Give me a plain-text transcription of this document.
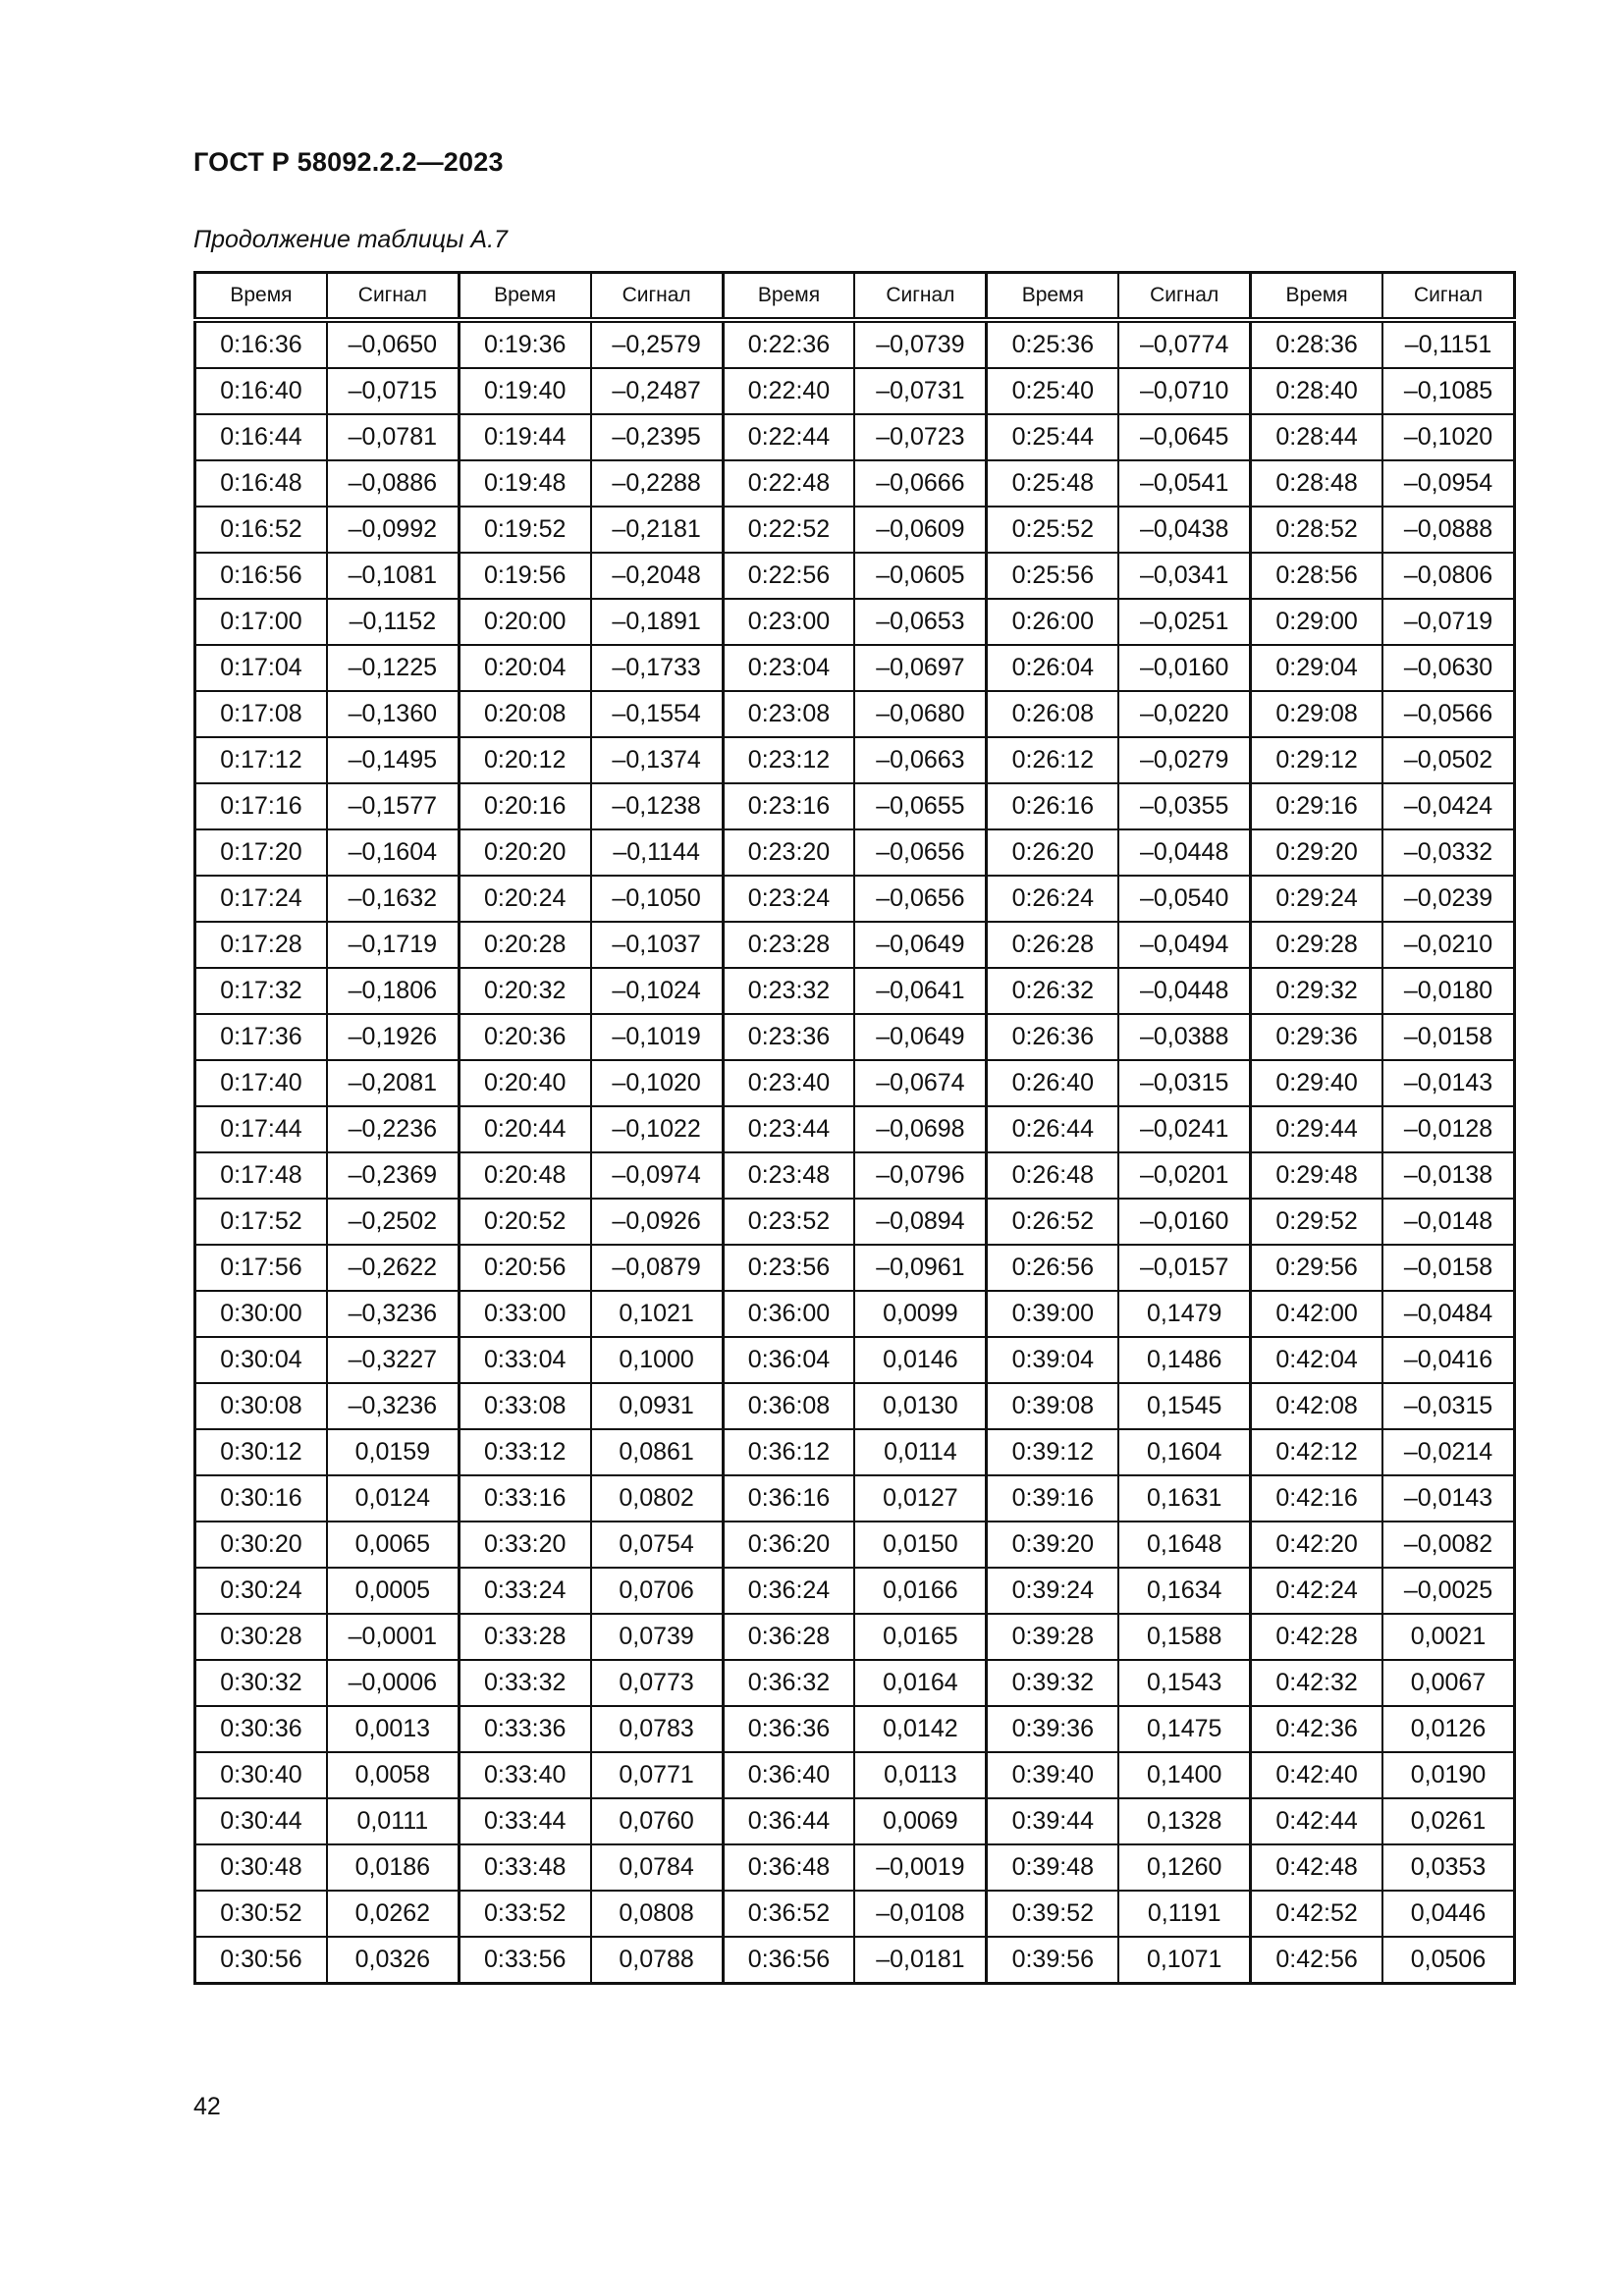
ГОСТ Р 58092.2.2—2023
Продолжение таблицы А.7
Время	Сигнал	Время	Сигнал	Время	Сигнал	Время	Сигнал	Время	Сигнал
0:16:36	–0,0650	0:19:36	–0,2579	0:22:36	–0,0739	0:25:36	–0,0774	0:28:36	–0,1151
0:16:40	–0,0715	0:19:40	–0,2487	0:22:40	–0,0731	0:25:40	–0,0710	0:28:40	–0,1085
0:16:44	–0,0781	0:19:44	–0,2395	0:22:44	–0,0723	0:25:44	–0,0645	0:28:44	–0,1020
0:16:48	–0,0886	0:19:48	–0,2288	0:22:48	–0,0666	0:25:48	–0,0541	0:28:48	–0,0954
0:16:52	–0,0992	0:19:52	–0,2181	0:22:52	–0,0609	0:25:52	–0,0438	0:28:52	–0,0888
0:16:56	–0,1081	0:19:56	–0,2048	0:22:56	–0,0605	0:25:56	–0,0341	0:28:56	–0,0806
0:17:00	–0,1152	0:20:00	–0,1891	0:23:00	–0,0653	0:26:00	–0,0251	0:29:00	–0,0719
0:17:04	–0,1225	0:20:04	–0,1733	0:23:04	–0,0697	0:26:04	–0,0160	0:29:04	–0,0630
0:17:08	–0,1360	0:20:08	–0,1554	0:23:08	–0,0680	0:26:08	–0,0220	0:29:08	–0,0566
0:17:12	–0,1495	0:20:12	–0,1374	0:23:12	–0,0663	0:26:12	–0,0279	0:29:12	–0,0502
0:17:16	–0,1577	0:20:16	–0,1238	0:23:16	–0,0655	0:26:16	–0,0355	0:29:16	–0,0424
0:17:20	–0,1604	0:20:20	–0,1144	0:23:20	–0,0656	0:26:20	–0,0448	0:29:20	–0,0332
0:17:24	–0,1632	0:20:24	–0,1050	0:23:24	–0,0656	0:26:24	–0,0540	0:29:24	–0,0239
0:17:28	–0,1719	0:20:28	–0,1037	0:23:28	–0,0649	0:26:28	–0,0494	0:29:28	–0,0210
0:17:32	–0,1806	0:20:32	–0,1024	0:23:32	–0,0641	0:26:32	–0,0448	0:29:32	–0,0180
0:17:36	–0,1926	0:20:36	–0,1019	0:23:36	–0,0649	0:26:36	–0,0388	0:29:36	–0,0158
0:17:40	–0,2081	0:20:40	–0,1020	0:23:40	–0,0674	0:26:40	–0,0315	0:29:40	–0,0143
0:17:44	–0,2236	0:20:44	–0,1022	0:23:44	–0,0698	0:26:44	–0,0241	0:29:44	–0,0128
0:17:48	–0,2369	0:20:48	–0,0974	0:23:48	–0,0796	0:26:48	–0,0201	0:29:48	–0,0138
0:17:52	–0,2502	0:20:52	–0,0926	0:23:52	–0,0894	0:26:52	–0,0160	0:29:52	–0,0148
0:17:56	–0,2622	0:20:56	–0,0879	0:23:56	–0,0961	0:26:56	–0,0157	0:29:56	–0,0158
0:30:00	–0,3236	0:33:00	0,1021	0:36:00	0,0099	0:39:00	0,1479	0:42:00	–0,0484
0:30:04	–0,3227	0:33:04	0,1000	0:36:04	0,0146	0:39:04	0,1486	0:42:04	–0,0416
0:30:08	–0,3236	0:33:08	0,0931	0:36:08	0,0130	0:39:08	0,1545	0:42:08	–0,0315
0:30:12	0,0159	0:33:12	0,0861	0:36:12	0,0114	0:39:12	0,1604	0:42:12	–0,0214
0:30:16	0,0124	0:33:16	0,0802	0:36:16	0,0127	0:39:16	0,1631	0:42:16	–0,0143
0:30:20	0,0065	0:33:20	0,0754	0:36:20	0,0150	0:39:20	0,1648	0:42:20	–0,0082
0:30:24	0,0005	0:33:24	0,0706	0:36:24	0,0166	0:39:24	0,1634	0:42:24	–0,0025
0:30:28	–0,0001	0:33:28	0,0739	0:36:28	0,0165	0:39:28	0,1588	0:42:28	0,0021
0:30:32	–0,0006	0:33:32	0,0773	0:36:32	0,0164	0:39:32	0,1543	0:42:32	0,0067
0:30:36	0,0013	0:33:36	0,0783	0:36:36	0,0142	0:39:36	0,1475	0:42:36	0,0126
0:30:40	0,0058	0:33:40	0,0771	0:36:40	0,0113	0:39:40	0,1400	0:42:40	0,0190
0:30:44	0,0111	0:33:44	0,0760	0:36:44	0,0069	0:39:44	0,1328	0:42:44	0,0261
0:30:48	0,0186	0:33:48	0,0784	0:36:48	–0,0019	0:39:48	0,1260	0:42:48	0,0353
0:30:52	0,0262	0:33:52	0,0808	0:36:52	–0,0108	0:39:52	0,1191	0:42:52	0,0446
0:30:56	0,0326	0:33:56	0,0788	0:36:56	–0,0181	0:39:56	0,1071	0:42:56	0,0506
42
